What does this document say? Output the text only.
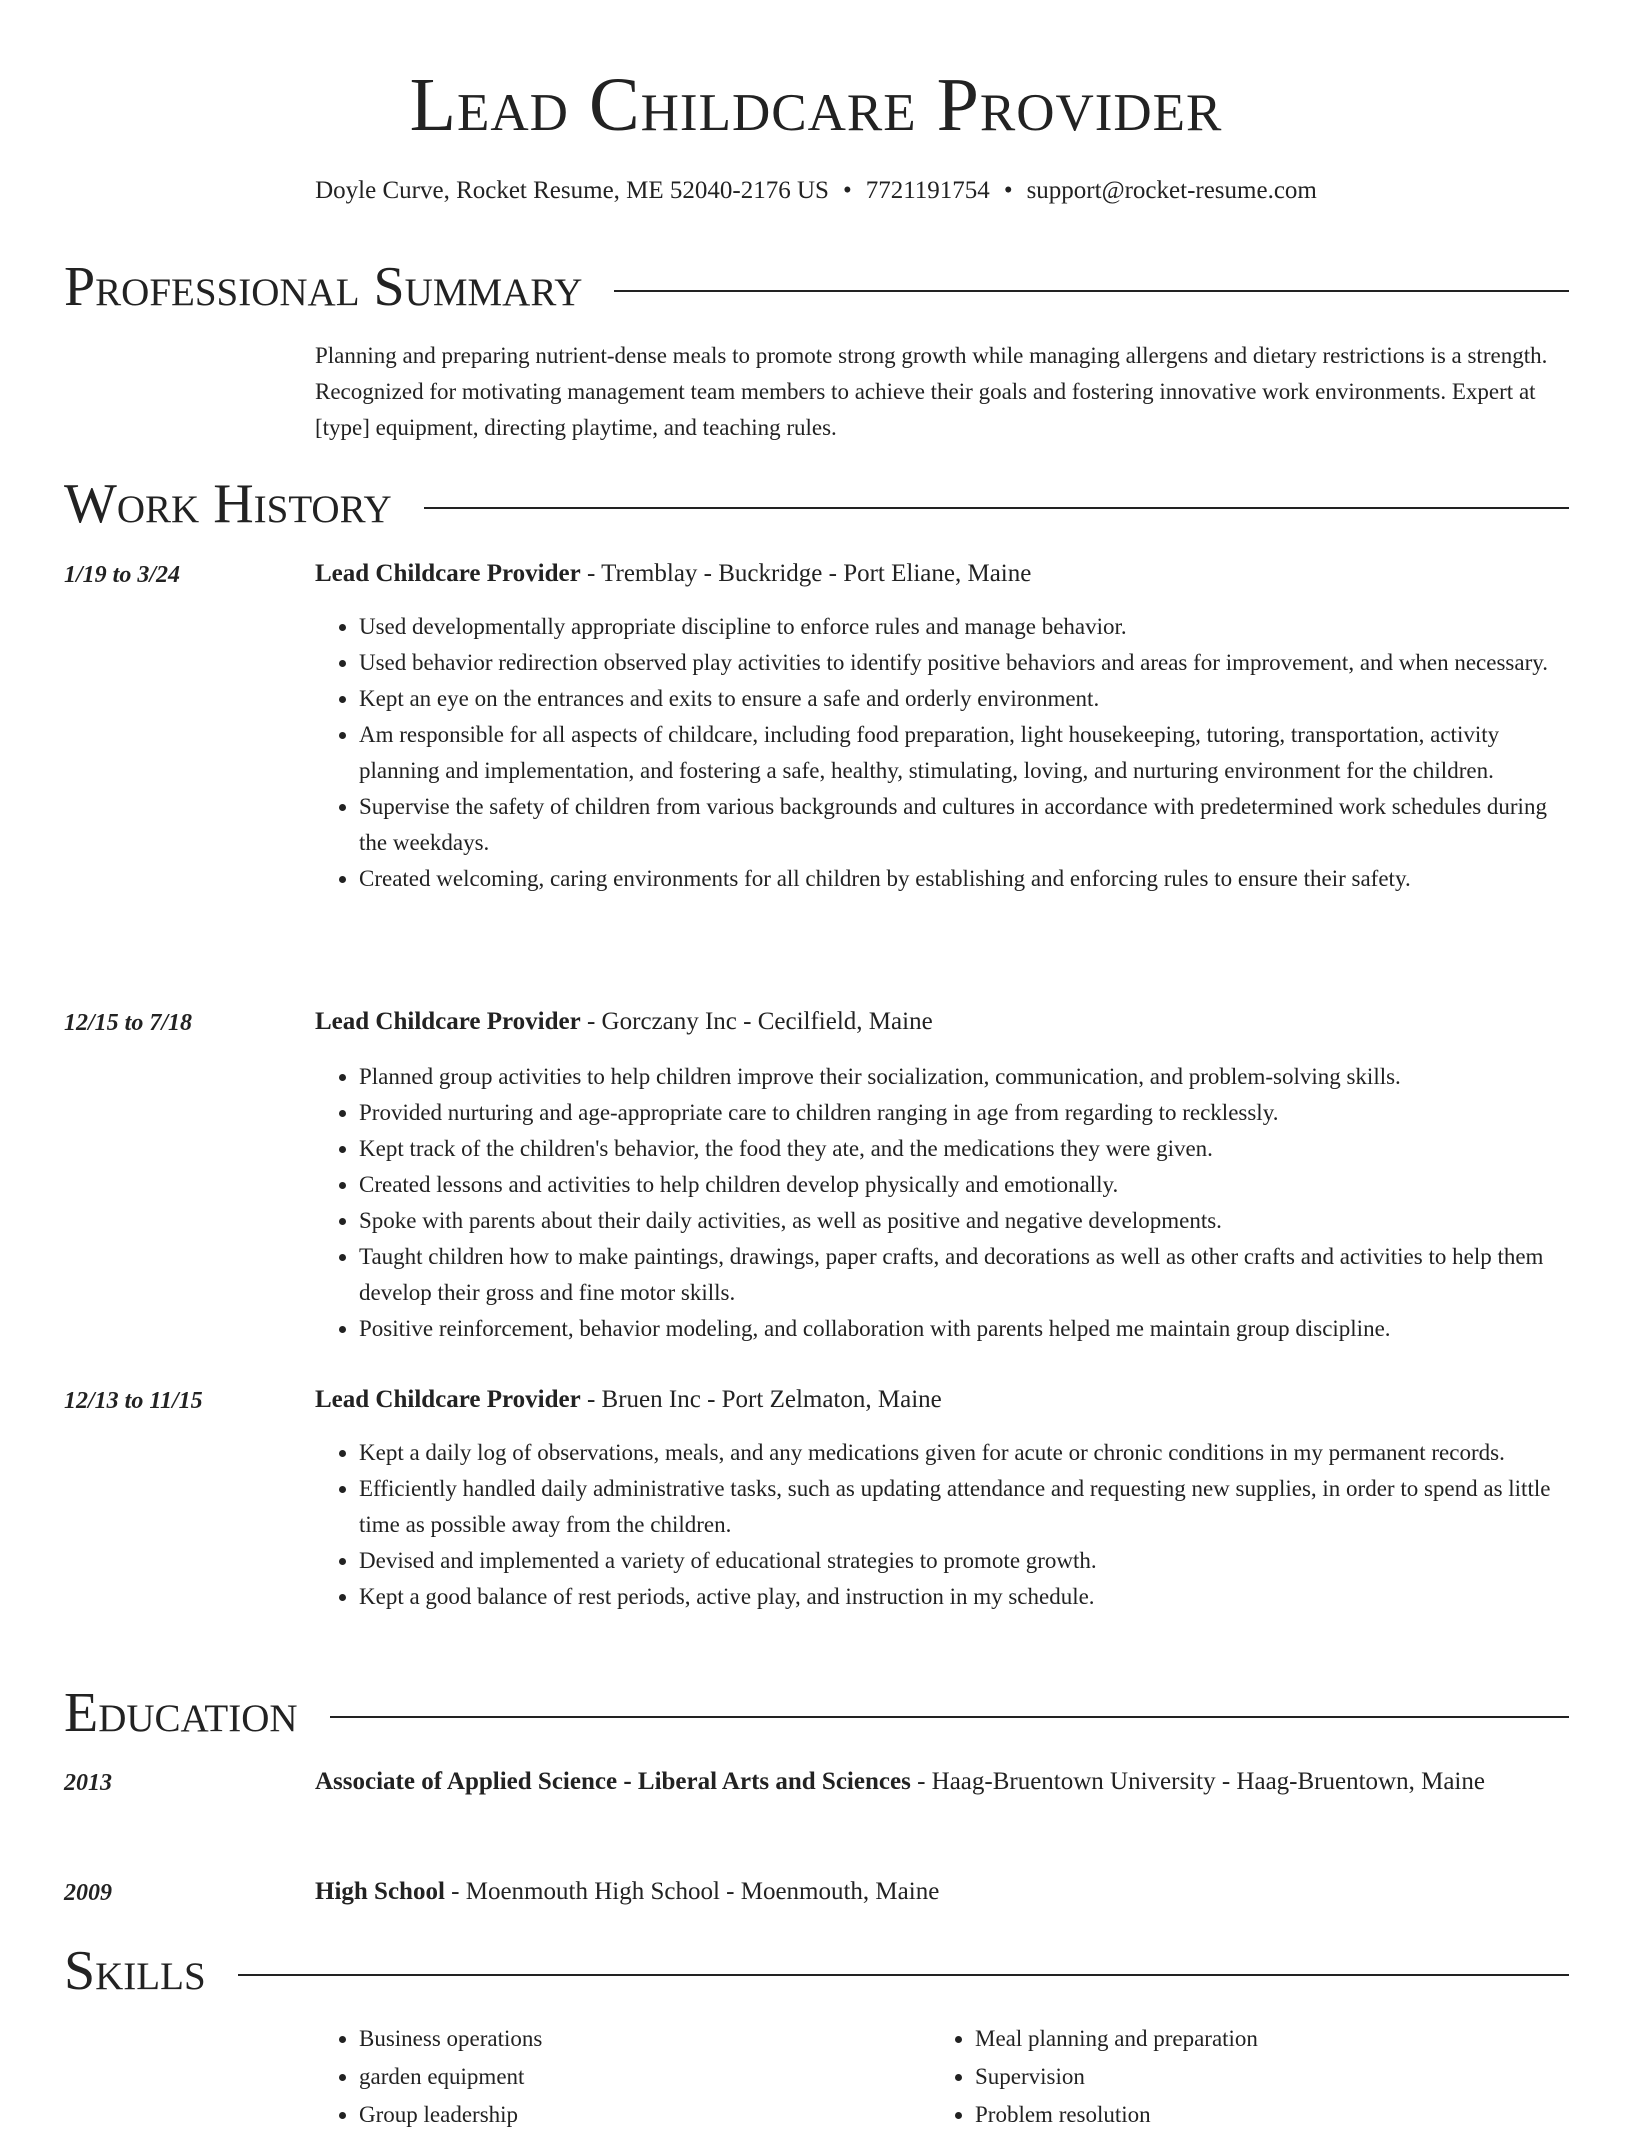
Lead Childcare Provider
Doyle Curve, Rocket Resume, ME 52040-2176 US • 7721191754 • support@rocket-resume.com
Professional Summary
Planning and preparing nutrient-dense meals to promote strong growth while managing allergens and dietary restrictions is a strength. Recognized for motivating management team members to achieve their goals and fostering innovative work environments. Expert at [type] equipment, directing playtime, and teaching rules.
Work History
1/19 to 3/24	Lead Childcare Provider - Tremblay - Buckridge - Port Eliane, Maine
• Used developmentally appropriate discipline to enforce rules and manage behavior.
• Used behavior redirection observed play activities to identify positive behaviors and areas for improvement, and when necessary.
• Kept an eye on the entrances and exits to ensure a safe and orderly environment.
• Am responsible for all aspects of childcare, including food preparation, light housekeeping, tutoring, transportation, activity planning and implementation, and fostering a safe, healthy, stimulating, loving, and nurturing environment for the children.
• Supervise the safety of children from various backgrounds and cultures in accordance with predetermined work schedules during the weekdays.
• Created welcoming, caring environments for all children by establishing and enforcing rules to ensure their safety.
12/15 to 7/18	Lead Childcare Provider - Gorczany Inc - Cecilfield, Maine
• Planned group activities to help children improve their socialization, communication, and problem-solving skills.
• Provided nurturing and age-appropriate care to children ranging in age from regarding to recklessly.
• Kept track of the children's behavior, the food they ate, and the medications they were given.
• Created lessons and activities to help children develop physically and emotionally.
• Spoke with parents about their daily activities, as well as positive and negative developments.
• Taught children how to make paintings, drawings, paper crafts, and decorations as well as other crafts and activities to help them develop their gross and fine motor skills.
• Positive reinforcement, behavior modeling, and collaboration with parents helped me maintain group discipline.
12/13 to 11/15	Lead Childcare Provider - Bruen Inc - Port Zelmaton, Maine
• Kept a daily log of observations, meals, and any medications given for acute or chronic conditions in my permanent records.
• Efficiently handled daily administrative tasks, such as updating attendance and requesting new supplies, in order to spend as little time as possible away from the children.
• Devised and implemented a variety of educational strategies to promote growth.
• Kept a good balance of rest periods, active play, and instruction in my schedule.
Education
2013	Associate of Applied Science - Liberal Arts and Sciences - Haag-Bruentown University - Haag-Bruentown, Maine
2009	High School - Moenmouth High School - Moenmouth, Maine
Skills
• Business operations
• garden equipment
• Group leadership
• Meal planning and preparation
• Supervision
• Problem resolution
